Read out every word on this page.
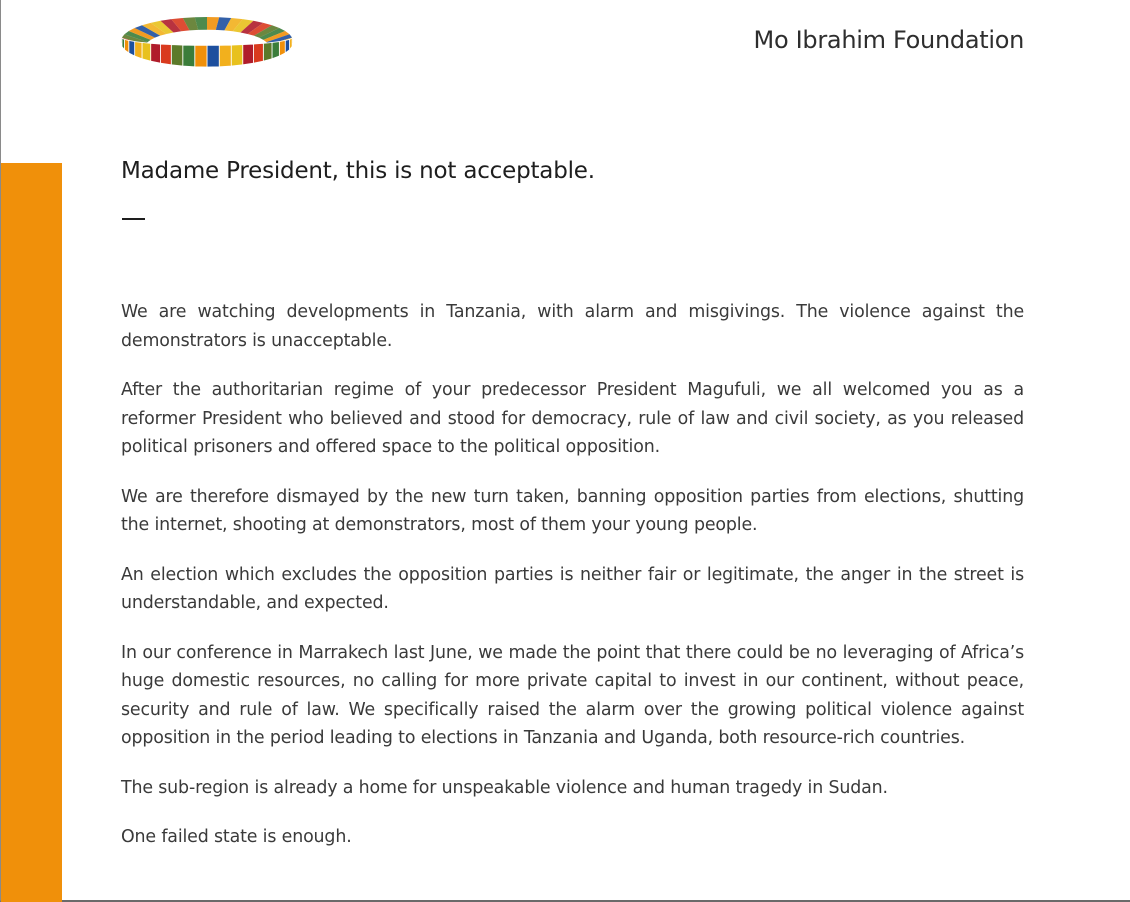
Mo Ibrahim Foundation
Madame President, this is not acceptable.

We are watching developments in Tanzania, with alarm and misgivings. The violence against the demonstrators is unacceptable.

After the authoritarian regime of your predecessor President Magufuli, we all welcomed you as a reformer President who believed and stood for democracy, rule of law and civil society, as you released political prisoners and offered space to the political opposition.

We are therefore dismayed by the new turn taken, banning opposition parties from elections, shutting the internet, shooting at demonstrators, most of them your young people.

An election which excludes the opposition parties is neither fair or legitimate, the anger in the street is understandable, and expected.

In our conference in Marrakech last June, we made the point that there could be no leveraging of Africa’s huge domestic resources, no calling for more private capital to invest in our continent, without peace, security and rule of law. We specifically raised the alarm over the growing political violence against opposition in the period leading to elections in Tanzania and Uganda, both resource-rich countries.

The sub-region is already a home for unspeakable violence and human tragedy in Sudan.

One failed state is enough.
